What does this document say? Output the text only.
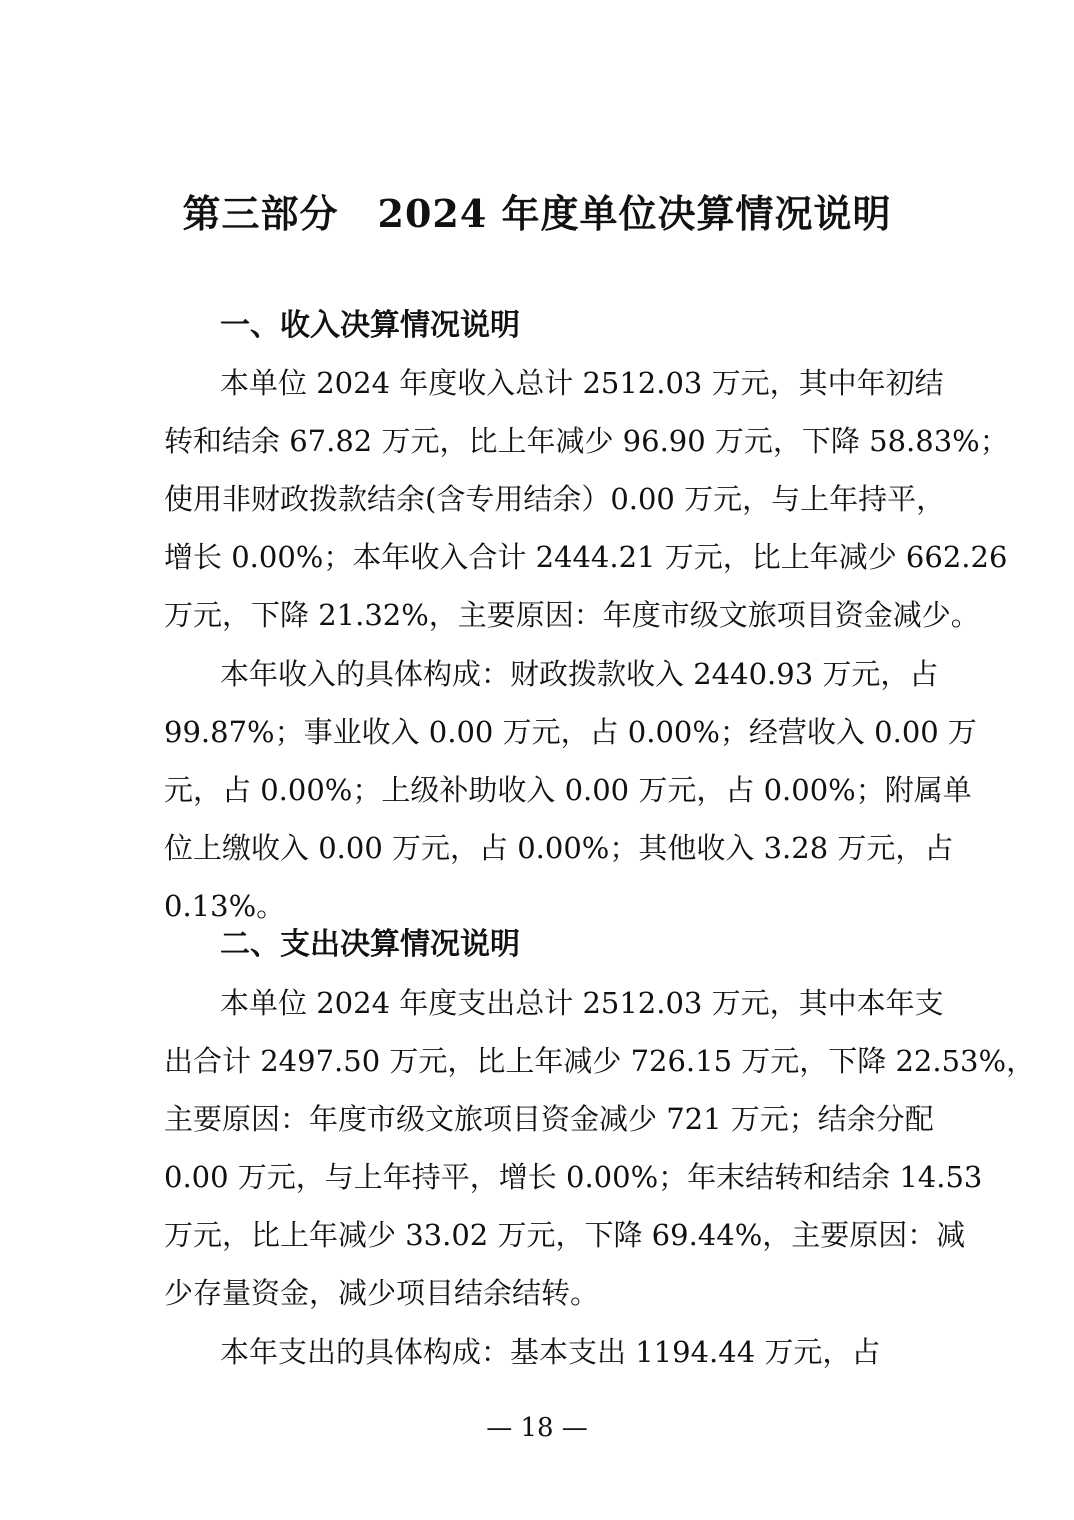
第三部分　2024 年度单位决算情况说明
一、收入决算情况说明
本单位 2024 年度收入总计 2512.03 万元，其中年初结
转和结余 67.82 万元，比上年减少 96.90 万元，下降 58.83%；
使用非财政拨款结余(含专用结余）0.00 万元，与上年持平，
增长 0.00%；本年收入合计 2444.21 万元，比上年减少 662.26
万元，下降 21.32%，主要原因：年度市级文旅项目资金减少。
本年收入的具体构成：财政拨款收入 2440.93 万元，占
99.87%；事业收入 0.00 万元，占 0.00%；经营收入 0.00 万
元，占 0.00%；上级补助收入 0.00 万元，占 0.00%；附属单
位上缴收入 0.00 万元，占 0.00%；其他收入 3.28 万元，占
0.13%。
二、支出决算情况说明
本单位 2024 年度支出总计 2512.03 万元，其中本年支
出合计 2497.50 万元，比上年减少 726.15 万元，下降 22.53%，
主要原因：年度市级文旅项目资金减少 721 万元；结余分配
0.00 万元，与上年持平，增长 0.00%；年末结转和结余 14.53
万元，比上年减少 33.02 万元，下降 69.44%，主要原因：减
少存量资金，减少项目结余结转。
本年支出的具体构成：基本支出 1194.44 万元，占
— 18 —
